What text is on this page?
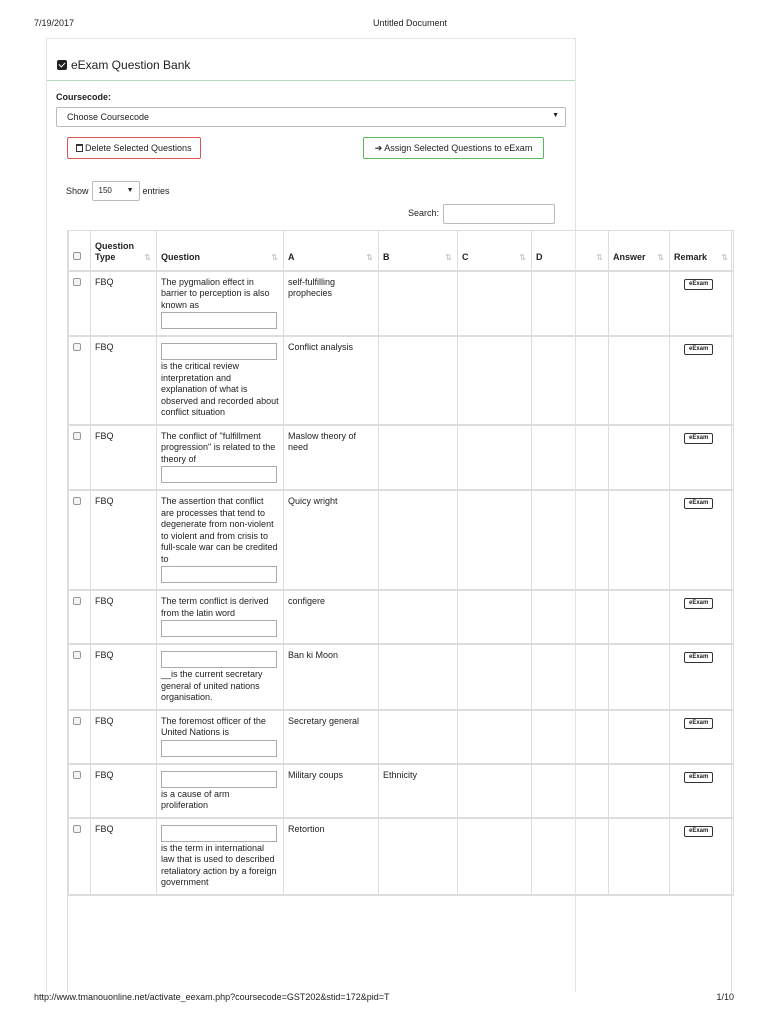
7/19/2017	Untitled Document
eExam Question Bank
Coursecode:
Choose Coursecode	▼
Delete Selected Questions	➔ Assign Selected Questions to eExam
Show	150 ▼ entries
Search:
	Question Type ⇅	Question ⇅	A ⇅	B ⇅	C ⇅	D ⇅	Answer ⇅	Remark ⇅

	FBQ	The pygmalion effect in barrier to perception is also known as	self-fulfilling prophecies					eExam
	FBQ	is the critical review interpretation and explanation of what is observed and recorded about conflict situation	Conflict analysis					eExam
	FBQ	The conflict of "fulfillment progression" is related to the theory of	Maslow theory of need					eExam
	FBQ	The assertion that conflict are processes that tend to degenerate from non-violent to violent and from crisis to full-scale war can be credited to	Quicy wright					eExam
	FBQ	The term conflict is derived from the latin word	configere					eExam
	FBQ	__is the current secretary general of united nations organisation.	Ban ki Moon					eExam
	FBQ	The foremost officer of the United Nations is	Secretary general					eExam
	FBQ	is a cause of arm proliferation	Military coups	Ethnicity				eExam
	FBQ	is the term in international law that is used to described retaliatory action by a foreign government	Retortion					eExam
http://www.tmanouonline.net/activate_eexam.php?coursecode=GST202&stid=172&pid=T	1/10
